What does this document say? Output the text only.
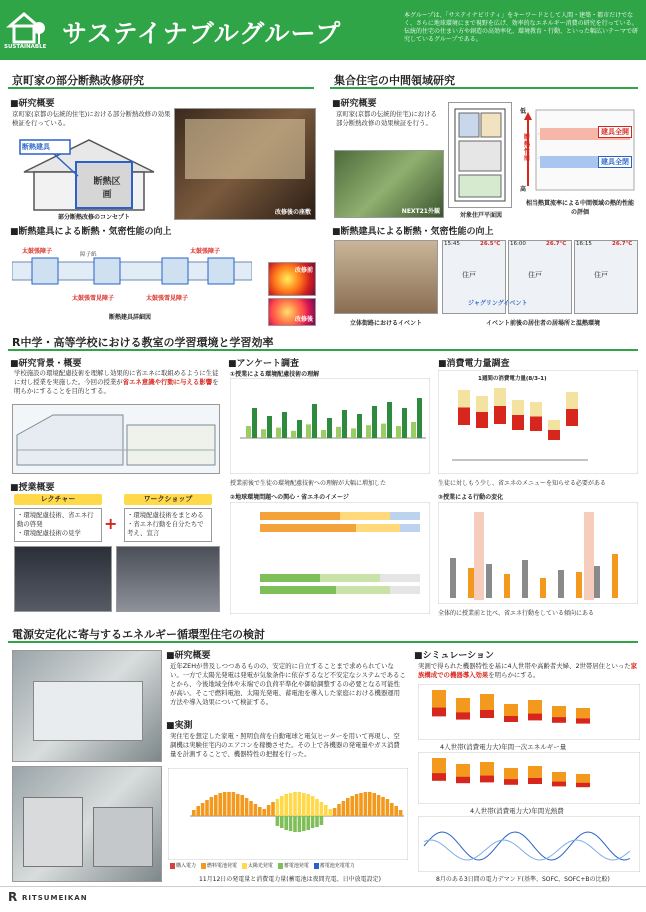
SUSTAINABLE サステイナブルグループ
本グループは、「サステイナビリティ」をキーワードとして人間・建築・都市だけでなく、さらに地球環境にまで視野を広げ、効率的なエネルギー消費の研究を行っている。伝統的住宅の住まい方や創造の高効率化、環境教育・行動、といった幅広いテーマで研究しているグループである。
京町家の部分断熱改修研究
■研究概要
京町家(京都の伝統的住宅)における部分断熱改修の効果検証を行っている。
断熱建具
断熱区画
部分断熱改修のコンセプト
改修後の座敷
■断熱建具による断熱・気密性能の向上
太鼓張障子	障子紙	太鼓張障子
太鼓張雪見障子	太鼓張雪見障子
断熱建具詳細図
改修前
改修後
集合住宅の中間領域研究
■研究概要
京町家(京都の伝統的住宅)における部分断熱改修の効果検証を行う。
NEXT21外観
対象住戸平面図
低
断熱性能
高
建具全開
建具全閉
相当熱貫流率による中間領域の熱的性能の評価
■断熱建具による断熱・気密性能の向上
立体街路におけるイベント
15:45	16:00	16:15
26.5℃	26.7℃	26.7℃
住戸	住戸	住戸
ジャグリングイベント
イベント前後の居住者の居場所と温熱環境
R中学・高等学校における教室の学習環境と学習効率
■研究背景・概要
学校施設の環境配慮技術を理解し効果的に省エネに取組めるように生徒に対し授業を実施した。今回の授業が省エネ意識や行動に与える影響を明らかにすることを目的とする。
■授業概要
レクチャー	ワークショップ
・環境配慮技術、省エネ行動の啓発
・環境配慮技術の見学	+	・環境配慮技術をまとめる
・省エネ行動を自分たちで考え、宣言
■アンケート調査
①授業による環境配慮技術の理解
授業前後で生徒の環境配慮技術への理解が大幅に増加した
②地球環境問題への関心・省エネのイメージ
■消費電力量調査
1週間の消費電力量(8/3-1)
生徒に対しもう少し、省エネのメニューを知らせる必要がある
③授業による行動の変化
全体的に授業前と比べ、省エネ行動をしている傾向にある
電源安定化に寄与するエネルギー循環型住宅の検討
■研究概要
近年ZEHが普及しつつあるものの、安定的に自立することまで求められていない。一方で太陽光発電は発電が気象条件に依存するなど不安定なシステムであることから、今後地域全体や末端での負荷平準化や御給調整するの必要となる可能性が高い。そこで燃料電池、太陽光発電、蓄電池を導入した家庭における機器運用方法や導入効果について検証する。
■実測
実住宅を想定した家電・照明負荷を自動電球と電気ヒーターを用いて再現し、空調機は実験住宅内のエアコンを稼働させた。その上で各機器の発電量やガス消費量を計測することで、機器特性の把握を行った。
購入電力 燃料電池発電 太陽光発電 蓄電池発電 蓄電池充電電力
11月12日の発電量と消費電力量(蓄電池は夜間充電、日中放電設定)
■シミュレーション
実測で得られた機器特性を基に4人世帯や高齢者夫婦、2世帯居住といった家族構成での機器導入効果を明らかにする。
4人世帯(消費電力大)年間一次エネルギー量
4人世帯(消費電力大)年間光熱費
8月のある3日間の電力デマンド(基準、SOFC、SOFC+Bの比較)
R RITSUMEIKAN
